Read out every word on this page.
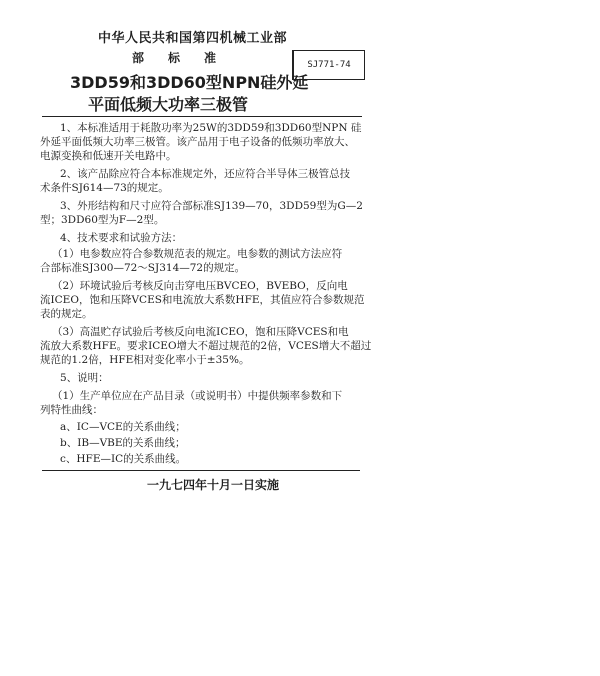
中华人民共和国第四机械工业部
部 标 准	SJ771-74
3DD59和3DD60型NPN硅外延
平面低频大功率三极管
1、本标准适用于耗散功率为25W的3DD59和3DD60型NPN 硅
外延平面低频大功率三极管。该产品用于电子设备的低频功率放大、
电源变换和低速开关电路中。
2、该产品除应符合本标准规定外，还应符合半导体三极管总技
术条件SJ614—73的规定。
3、外形结构和尺寸应符合部标准SJ139—70，3DD59型为G—2
型；3DD60型为F—2型。
4、技术要求和试验方法：
（1）电参数应符合参数规范表的规定。电参数的测试方法应符
合部标准SJ300—72～SJ314—72的规定。
（2）环境试验后考核反向击穿电压BVCEO，BVEBO，反向电
流ICEO，饱和压降VCES和电流放大系数HFE，其值应符合参数规范
表的规定。
（3）高温贮存试验后考核反向电流ICEO，饱和压降VCES和电
流放大系数HFE。要求ICEO增大不超过规范的2倍，VCES增大不超过
规范的1.2倍，HFE相对变化率小于±35%。
5、说明：
（1）生产单位应在产品目录（或说明书）中提供频率参数和下
列特性曲线：
a、IC—VCE的关系曲线；
b、IB—VBE的关系曲线；
c、HFE—IC的关系曲线。
一九七四年十月一日实施
